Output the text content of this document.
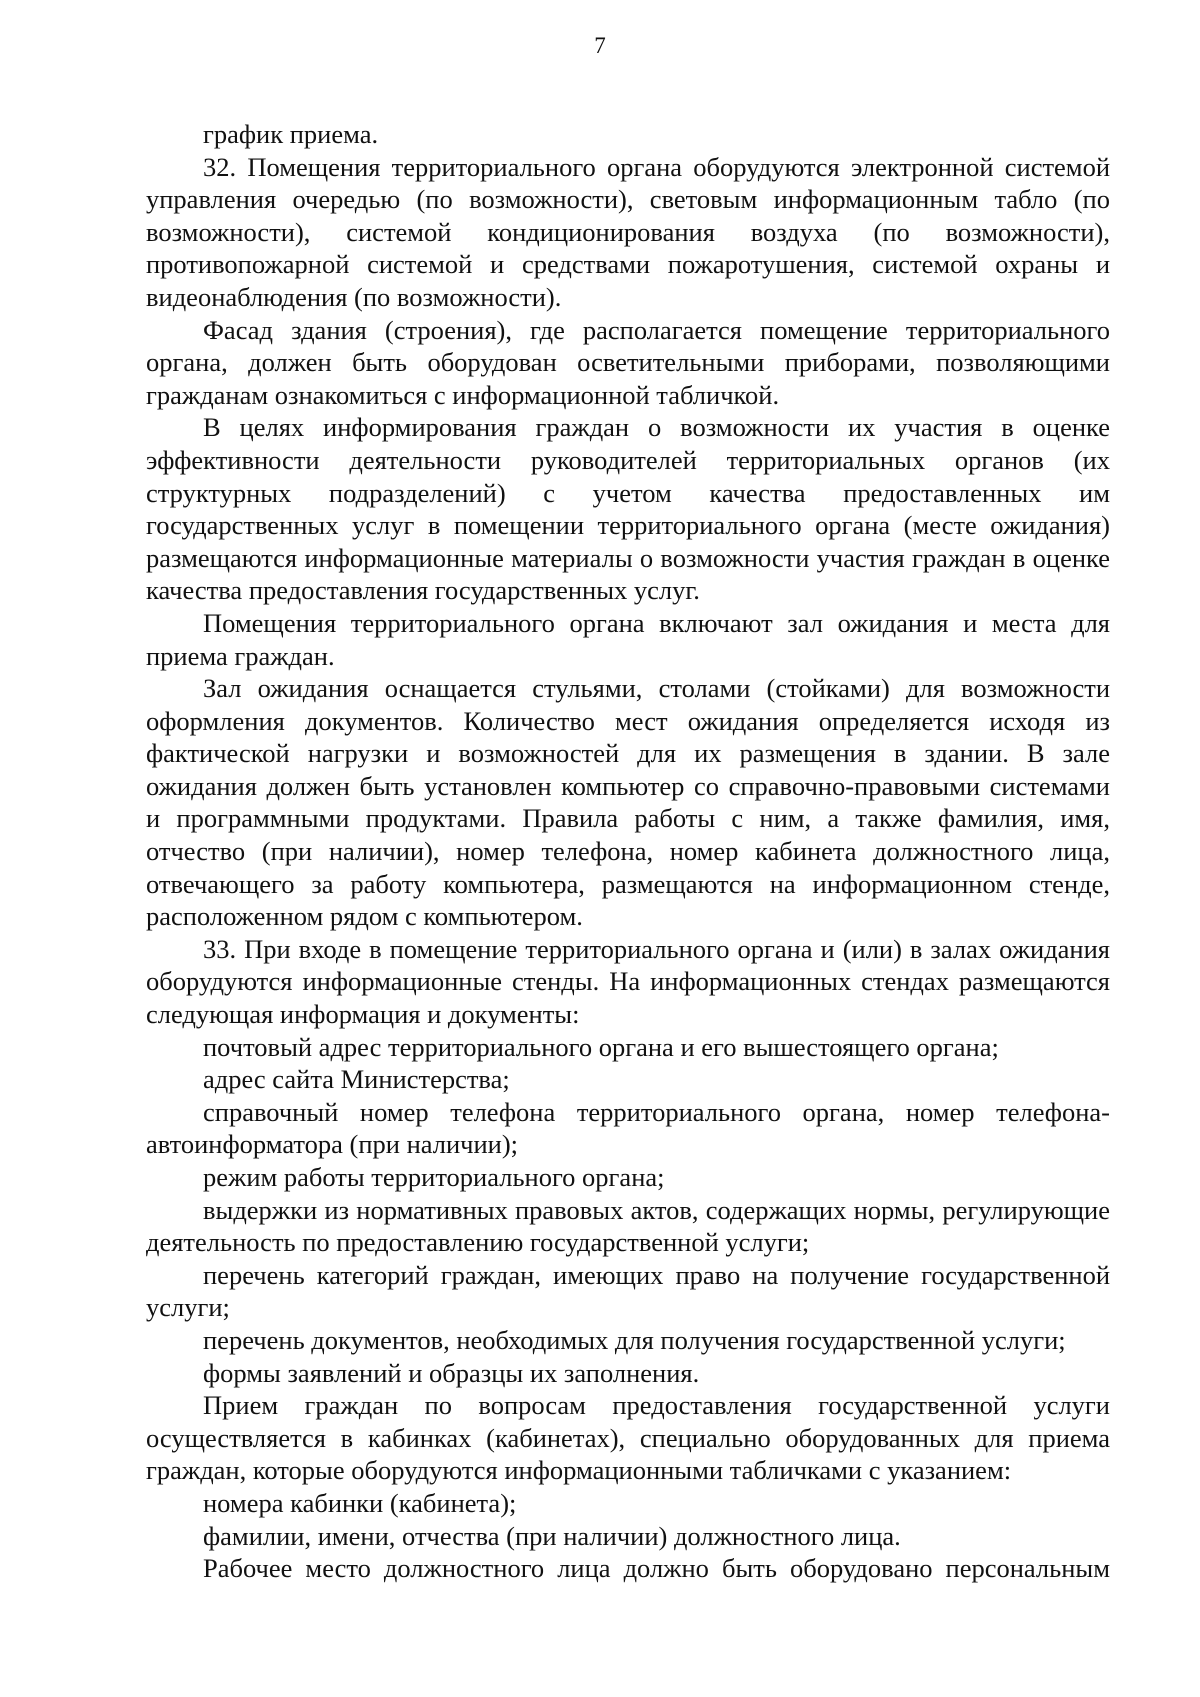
7

график приема.

32. Помещения территориального органа оборудуются электронной системой управления очередью (по возможности), световым информационным табло (по возможности), системой кондиционирования воздуха (по возможности), противопожарной системой и средствами пожаротушения, системой охраны и видеонаблюдения (по возможности).

Фасад здания (строения), где располагается помещение территориального органа, должен быть оборудован осветительными приборами, позволяющими гражданам ознакомиться с информационной табличкой.

В целях информирования граждан о возможности их участия в оценке эффективности деятельности руководителей территориальных органов (их структурных подразделений) с учетом качества предоставленных им государственных услуг в помещении территориального органа (месте ожидания) размещаются информационные материалы о возможности участия граждан в оценке качества предоставления государственных услуг.

Помещения территориального органа включают зал ожидания и места для приема граждан.

Зал ожидания оснащается стульями, столами (стойками) для возможности оформления документов. Количество мест ожидания определяется исходя из фактической нагрузки и возможностей для их размещения в здании. В зале ожидания должен быть установлен компьютер со справочно-правовыми системами и программными продуктами. Правила работы с ним, а также фамилия, имя, отчество (при наличии), номер телефона, номер кабинета должностного лица, отвечающего за работу компьютера, размещаются на информационном стенде, расположенном рядом с компьютером.

33. При входе в помещение территориального органа и (или) в залах ожидания оборудуются информационные стенды. На информационных стендах размещаются следующая информация и документы:

почтовый адрес территориального органа и его вышестоящего органа;

адрес сайта Министерства;

справочный номер телефона территориального органа, номер телефона-автоинформатора (при наличии);

режим работы территориального органа;

выдержки из нормативных правовых актов, содержащих нормы, регулирующие деятельность по предоставлению государственной услуги;

перечень категорий граждан, имеющих право на получение государственной услуги;

перечень документов, необходимых для получения государственной услуги;

формы заявлений и образцы их заполнения.

Прием граждан по вопросам предоставления государственной услуги осуществляется в кабинках (кабинетах), специально оборудованных для приема граждан, которые оборудуются информационными табличками с указанием:

номера кабинки (кабинета);

фамилии, имени, отчества (при наличии) должностного лица.

Рабочее место должностного лица должно быть оборудовано персональным
